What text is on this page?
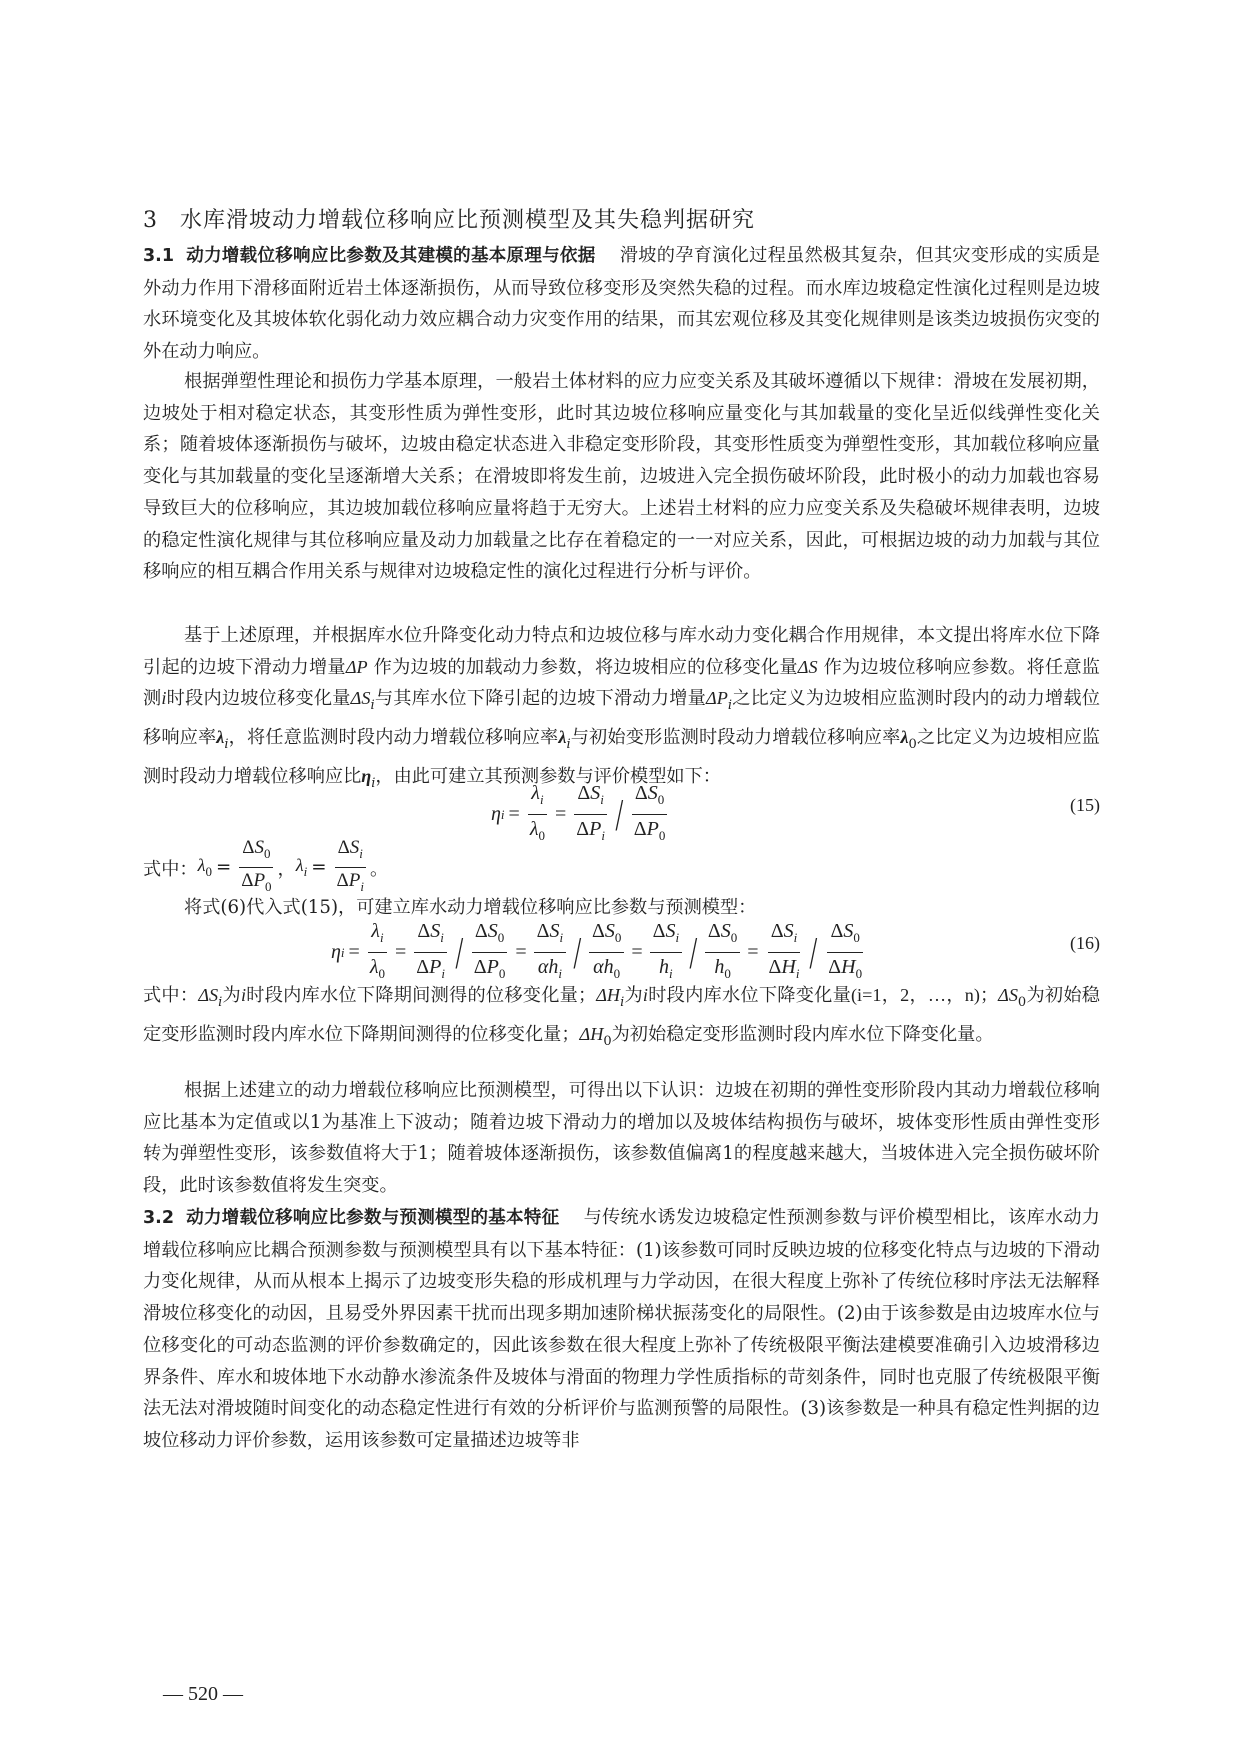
3 水库滑坡动力增载位移响应比预测模型及其失稳判据研究
3.1 动力增载位移响应比参数及其建模的基本原理与依据 滑坡的孕育演化过程虽然极其复杂，但其灾变形成的实质是外动力作用下滑移面附近岩土体逐渐损伤，从而导致位移变形及突然失稳的过程。而水库边坡稳定性演化过程则是边坡水环境变化及其坡体软化弱化动力效应耦合动力灾变作用的结果，而其宏观位移及其变化规律则是该类边坡损伤灾变的外在动力响应。
根据弹塑性理论和损伤力学基本原理，一般岩土体材料的应力应变关系及其破坏遵循以下规律：滑坡在发展初期，边坡处于相对稳定状态，其变形性质为弹性变形，此时其边坡位移响应量变化与其加载量的变化呈近似线弹性变化关系；随着坡体逐渐损伤与破坏，边坡由稳定状态进入非稳定变形阶段，其变形性质变为弹塑性变形，其加载位移响应量变化与其加载量的变化呈逐渐增大关系；在滑坡即将发生前，边坡进入完全损伤破坏阶段，此时极小的动力加载也容易导致巨大的位移响应，其边坡加载位移响应量将趋于无穷大。上述岩土材料的应力应变关系及失稳破坏规律表明，边坡的稳定性演化规律与其位移响应量及动力加载量之比存在着稳定的一一对应关系，因此，可根据边坡的动力加载与其位移响应的相互耦合作用关系与规律对边坡稳定性的演化过程进行分析与评价。
基于上述原理，并根据库水位升降变化动力特点和边坡位移与库水动力变化耦合作用规律，本文提出将库水位下降引起的边坡下滑动力增量ΔP 作为边坡的加载动力参数，将边坡相应的位移变化量ΔS 作为边坡位移响应参数。将任意监测i时段内边坡位移变化量$\Delta S_i$与其库水位下降引起的边坡下滑动力增量$\Delta P_i$之比定义为边坡相应监测时段内的动力增载位移响应率$\lambda_i$，将任意监测时段内动力增载位移响应率$\lambda_i$与初始变形监测时段动力增载位移响应率$\lambda_0$之比定义为边坡相应监测时段动力增载位移响应比$\eta_i$，由此可建立其预测参数与评价模型如下：
η $i = \frac{\lambda_i}{\lambda_0} = \frac{\Delta S_i}{\Delta P_i} / \frac{\Delta S_0}{\Delta P_0}$	(15)
式中： $\lambda_0 = \frac{\Delta S_0}{\Delta P_0}$ ， $\lambda_i = \frac{\Delta S_i}{\Delta P_i}$ 。
将式(6)代入式(15)，可建立库水动力增载位移响应比参数与预测模型：
η $i = \frac{\lambda_i}{\lambda_0} = \frac{\Delta S_i}{\Delta P_i} / \frac{\Delta S_0}{\Delta P_0} = \frac{\Delta S_i}{\alpha h_i} / \frac{\Delta S_0}{\alpha h_0} = \frac{\Delta S_i}{h_i} / \frac{\Delta S_0}{h_0} = \frac{\Delta S_i}{\Delta H_i} / \frac{\Delta S_0}{\Delta H_0}$	(16)
式中：$\Delta S_i$为i时段内库水位下降期间测得的位移变化量；$\Delta H_i$为i时段内库水位下降变化量(i=1，2，…，n)；$\Delta S_0$为初始稳定变形监测时段内库水位下降期间测得的位移变化量；$\Delta H_0$为初始稳定变形监测时段内库水位下降变化量。
根据上述建立的动力增载位移响应比预测模型，可得出以下认识：边坡在初期的弹性变形阶段内其动力增载位移响应比基本为定值或以1为基准上下波动；随着边坡下滑动力的增加以及坡体结构损伤与破坏，坡体变形性质由弹性变形转为弹塑性变形，该参数值将大于1；随着坡体逐渐损伤，该参数值偏离1的程度越来越大，当坡体进入完全损伤破坏阶段，此时该参数值将发生突变。
3.2 动力增载位移响应比参数与预测模型的基本特征 与传统水诱发边坡稳定性预测参数与评价模型相比，该库水动力增载位移响应比耦合预测参数与预测模型具有以下基本特征：(1)该参数可同时反映边坡的位移变化特点与边坡的下滑动力变化规律，从而从根本上揭示了边坡变形失稳的形成机理与力学动因，在很大程度上弥补了传统位移时序法无法解释滑坡位移变化的动因，且易受外界因素干扰而出现多期加速阶梯状振荡变化的局限性。(2)由于该参数是由边坡库水位与位移变化的可动态监测的评价参数确定的，因此该参数在很大程度上弥补了传统极限平衡法建模要准确引入边坡滑移边界条件、库水和坡体地下水动静水渗流条件及坡体与滑面的物理力学性质指标的苛刻条件，同时也克服了传统极限平衡法无法对滑坡随时间变化的动态稳定性进行有效的分析评价与监测预警的局限性。(3)该参数是一种具有稳定性判据的边坡位移动力评价参数，运用该参数可定量描述边坡等非
— 520 —
